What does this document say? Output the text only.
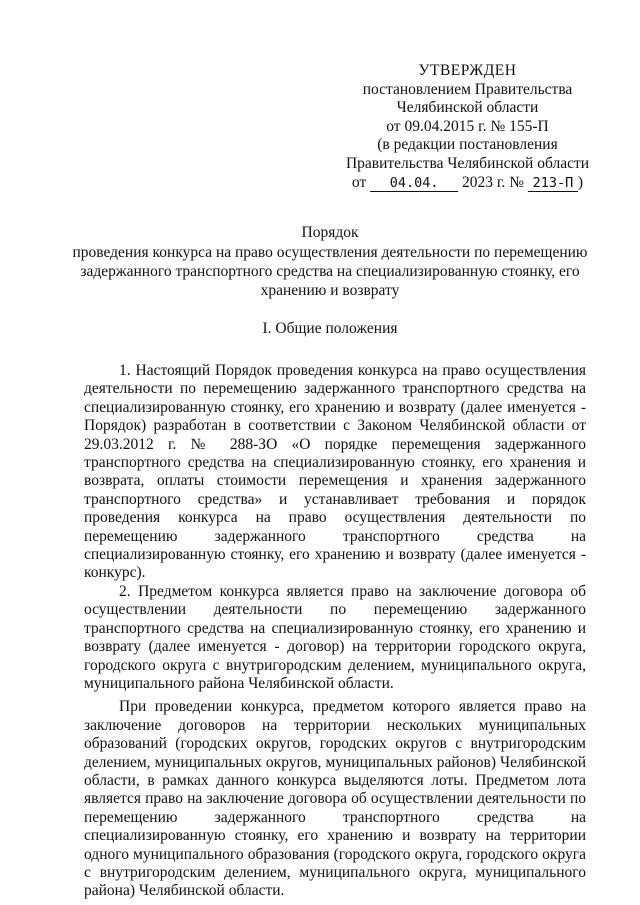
УТВЕРЖДЕН
постановлением Правительства
Челябинской области
от 09.04.2015 г. № 155-П
(в редакции постановления
Правительства Челябинской области
от 04.04. 2023 г. № 213-П )
Порядок
проведения конкурса на право осуществления деятельности по перемещению задержанного транспортного средства на специализированную стоянку, его хранению и возврату
I. Общие положения

1. Настоящий Порядок проведения конкурса на право осуществления деятельности по перемещению задержанного транспортного средства на специализированную стоянку, его хранению и возврату (далее именуется - Порядок) разработан в соответствии с Законом Челябинской области от 29.03.2012 г. № 288-ЗО «О порядке перемещения задержанного транспортного средства на специализированную стоянку, его хранения и возврата, оплаты стоимости перемещения и хранения задержанного транспортного средства» и устанавливает требования и порядок проведения конкурса на право осуществления деятельности по перемещению задержанного транспортного средства на специализированную стоянку, его хранению и возврату (далее именуется - конкурс).

2. Предметом конкурса является право на заключение договора об осуществлении деятельности по перемещению задержанного транспортного средства на специализированную стоянку, его хранению и возврату (далее именуется - договор) на территории городского округа, городского округа с внутригородским делением, муниципального округа, муниципального района Челябинской области.

При проведении конкурса, предметом которого является право на заключение договоров на территории нескольких муниципальных образований (городских округов, городских округов с внутригородским делением, муниципальных округов, муниципальных районов) Челябинской области, в рамках данного конкурса выделяются лоты. Предметом лота является право на заключение договора об осуществлении деятельности по перемещению задержанного транспортного средства на специализированную стоянку, его хранению и возврату на территории одного муниципального образования (городского округа, городского округа с внутригородским делением, муниципального округа, муниципального района) Челябинской области.
